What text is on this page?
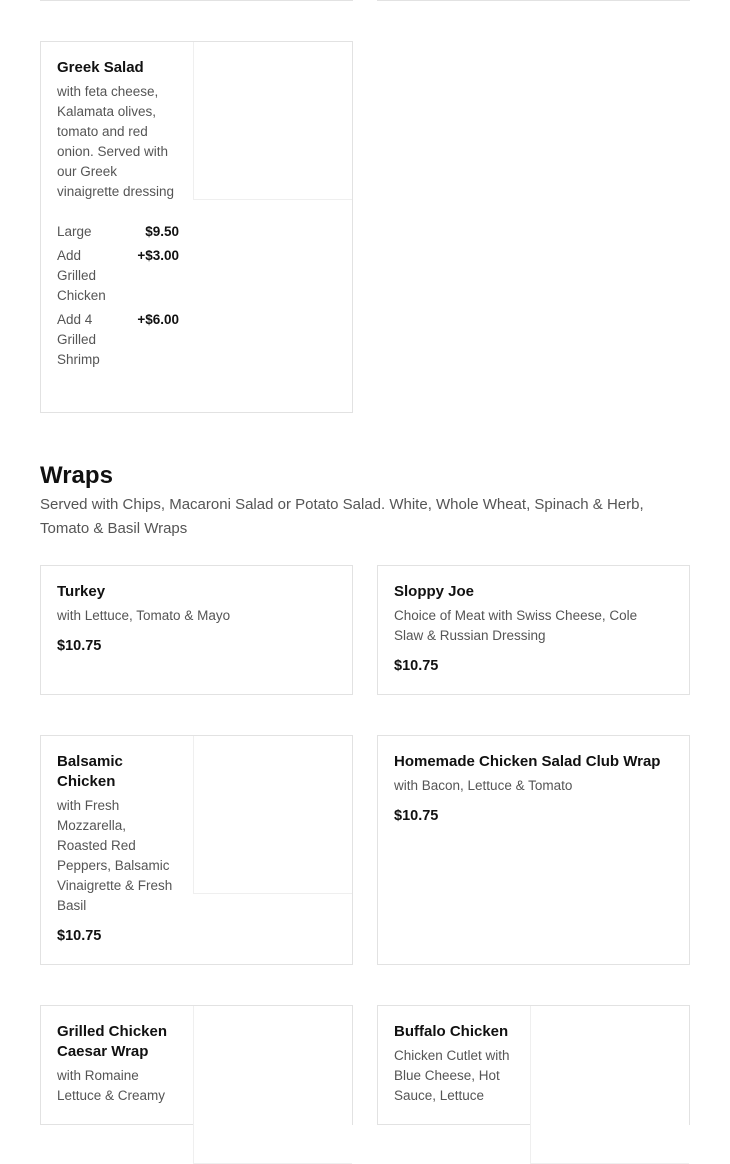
Greek Salad
with feta cheese, Kalamata olives, tomato and red onion. Served with our Greek vinaigrette dressing
Large	$9.50
Add Grilled Chicken
+$3.00
Add 4 Grilled Shrimp
+$6.00
Wraps

Served with Chips, Macaroni Salad or Potato Salad. White, Whole Wheat, Spinach & Herb, Tomato & Basil Wraps

Turkey
with Lettuce, Tomato & Mayo
$10.75
Sloppy Joe
Choice of Meat with Swiss Cheese, Cole Slaw & Russian Dressing
$10.75
Balsamic Chicken
with Fresh Mozzarella, Roasted Red Peppers, Balsamic Vinaigrette & Fresh Basil
$10.75
Homemade Chicken Salad Club Wrap
with Bacon, Lettuce & Tomato
$10.75
Grilled Chicken Caesar Wrap
with Romaine Lettuce & Creamy
Buffalo Chicken
Chicken Cutlet with Blue Cheese, Hot Sauce, Lettuce
